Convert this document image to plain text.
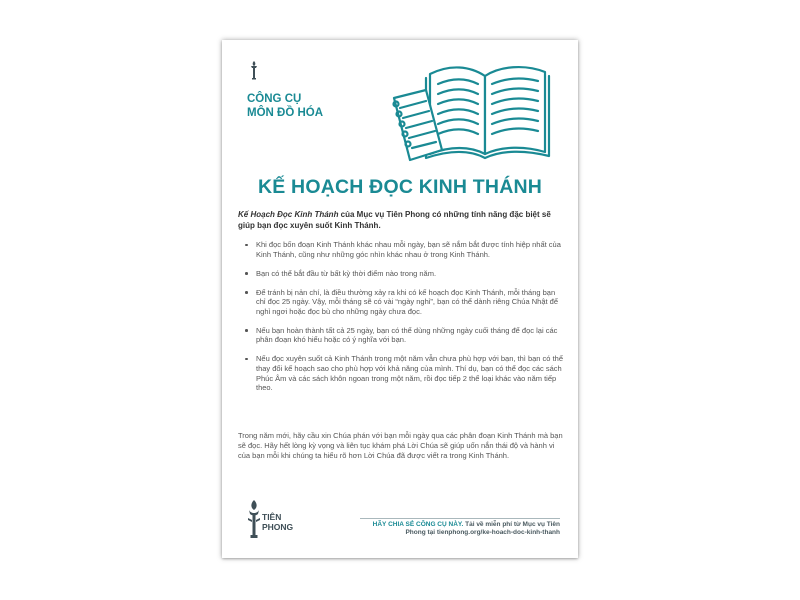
CÔNG CỤ
MÔN ĐỒ HÓA
KẾ HOẠCH ĐỌC KINH THÁNH
Kế Hoạch Đọc Kinh Thánh của Mục vụ Tiên Phong có những tính năng đặc biệt sẽ giúp bạn đọc xuyên suốt Kinh Thánh.
Khi đọc bốn đoạn Kinh Thánh khác nhau mỗi ngày, bạn sẽ nắm bắt được tính hiệp nhất của Kinh Thánh, cũng như những góc nhìn khác nhau ở trong Kinh Thánh.
Bạn có thể bắt đầu từ bất kỳ thời điểm nào trong năm.
Để tránh bị nản chí, là điều thường xảy ra khi có kế hoạch đọc Kinh Thánh, mỗi tháng bạn chỉ đọc 25 ngày. Vậy, mỗi tháng sẽ có vài “ngày nghỉ”, bạn có thể dành riêng Chúa Nhật để nghỉ ngơi hoặc đọc bù cho những ngày chưa đọc.
Nếu bạn hoàn thành tất cả 25 ngày, bạn có thể dùng những ngày cuối tháng để đọc lại các phân đoạn khó hiểu hoặc có ý nghĩa với bạn.
Nếu đọc xuyên suốt cả Kinh Thánh trong một năm vẫn chưa phù hợp với bạn, thì bạn có thể thay đổi kế hoạch sao cho phù hợp với khả năng của mình. Thí dụ, bạn có thể đọc các sách Phúc Âm và các sách khôn ngoan trong một năm, rồi đọc tiếp 2 thể loại khác vào năm tiếp theo.
Trong năm mới, hãy cầu xin Chúa phán với bạn mỗi ngày qua các phân đoạn Kinh Thánh mà bạn sẽ đọc. Hãy hết lòng kỳ vọng và liên tục khám phá Lời Chúa sẽ giúp uốn nắn thái độ và hành vi của bạn mỗi khi chúng ta hiểu rõ hơn Lời Chúa đã được viết ra trong Kinh Thánh.
TIÊN
PHONG	HÃY CHIA SẺ CÔNG CỤ NÀY. Tải về miễn phí từ Mục vụ Tiên Phong tại tienphong.org/ke-hoach-doc-kinh-thanh
